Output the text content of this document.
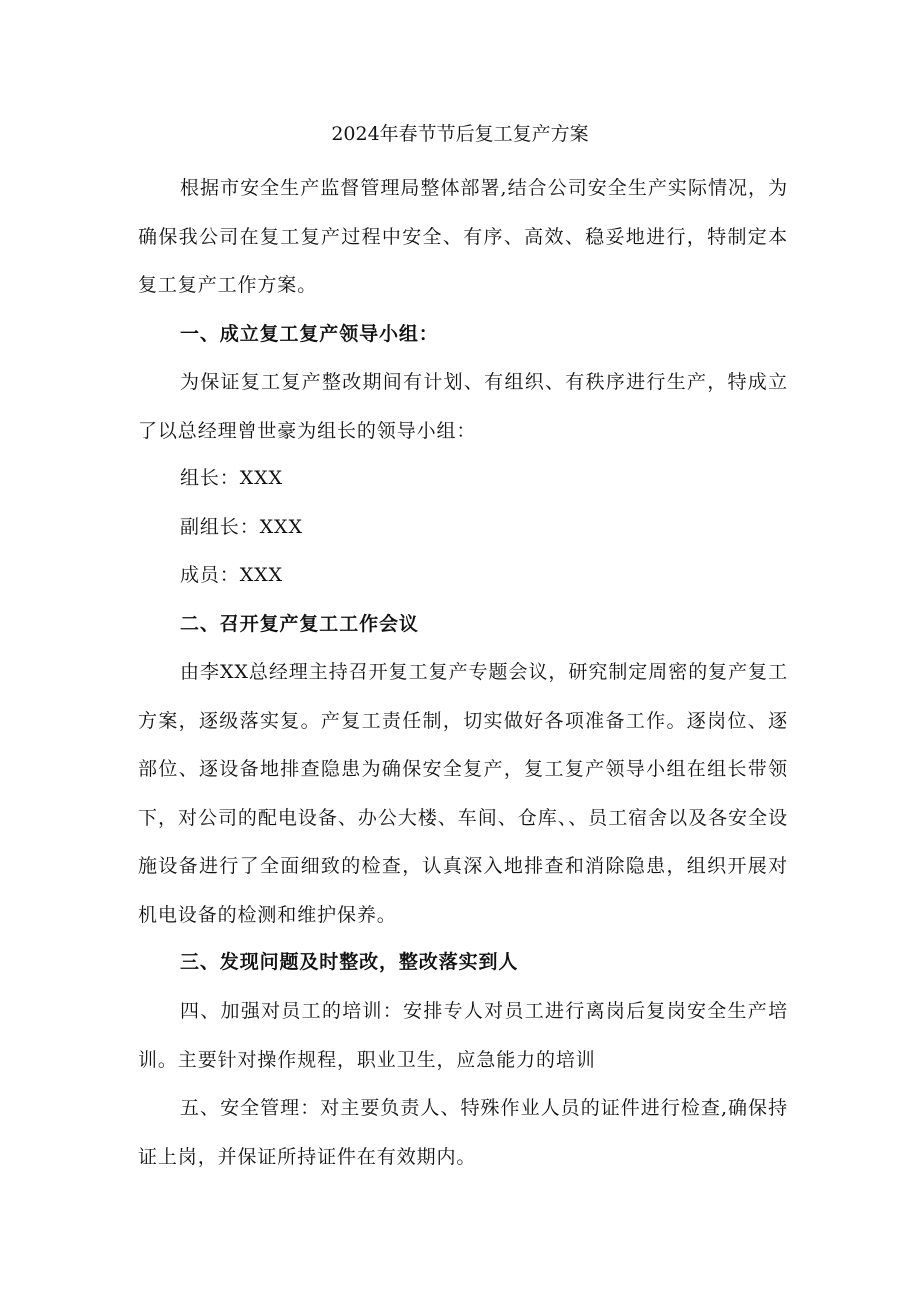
2024年春节节后复工复产方案

根据市安全生产监督管理局整体部署,结合公司安全生产实际情况，为确保我公司在复工复产过程中安全、有序、高效、稳妥地进行，特制定本复工复产工作方案。

一、成立复工复产领导小组：

为保证复工复产整改期间有计划、有组织、有秩序进行生产，特成立了以总经理曾世豪为组长的领导小组：

组长：XXX

副组长：XXX

成员：XXX

二、召开复产复工工作会议

由李XX总经理主持召开复工复产专题会议，研究制定周密的复产复工方案，逐级落实复。产复工责任制，切实做好各项准备工作。逐岗位、逐部位、逐设备地排查隐患为确保安全复产，复工复产领导小组在组长带领下，对公司的配电设备、办公大楼、车间、仓库、、员工宿舍以及各安全设施设备进行了全面细致的检查，认真深入地排查和消除隐患，组织开展对机电设备的检测和维护保养。

三、发现问题及时整改，整改落实到人

四、加强对员工的培训：安排专人对员工进行离岗后复岗安全生产培训。主要针对操作规程，职业卫生，应急能力的培训

五、安全管理：对主要负责人、特殊作业人员的证件进行检查,确保持证上岗，并保证所持证件在有效期内。
